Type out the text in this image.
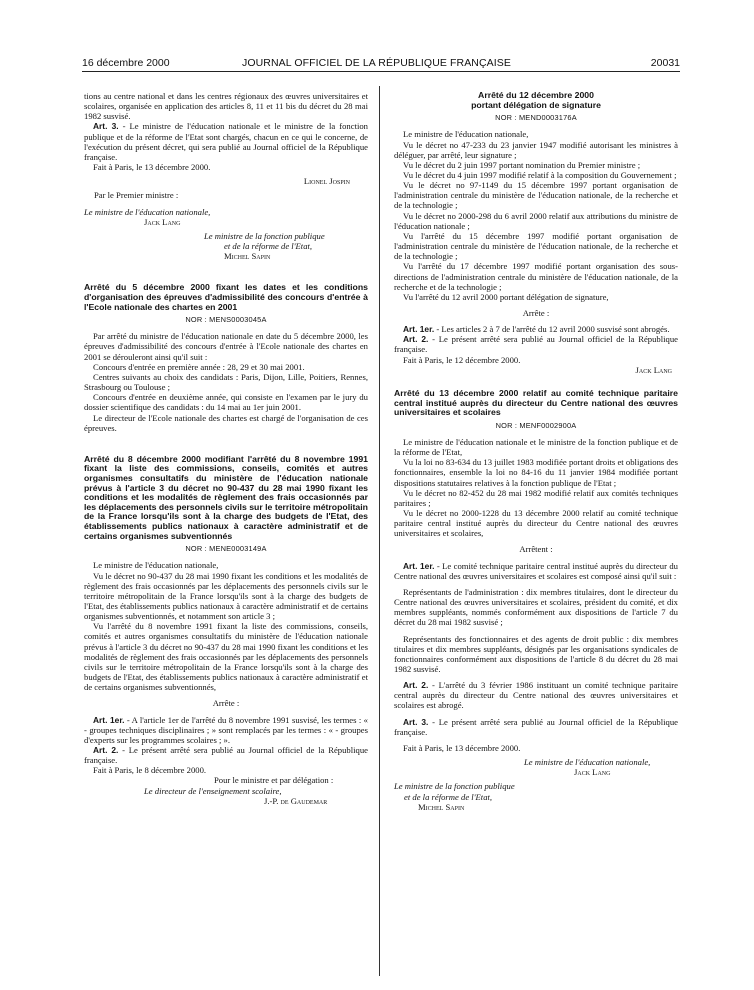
16 décembre 2000	JOURNAL OFFICIEL DE LA RÉPUBLIQUE FRANÇAISE	20031

tions au centre national et dans les centres régionaux des œuvres universitaires et scolaires, organisée en application des articles 8, 11 et 11 bis du décret du 28 mai 1982 susvisé.

Art. 3. - Le ministre de l'éducation nationale et le ministre de la fonction publique et de la réforme de l'Etat sont chargés, chacun en ce qui le concerne, de l'exécution du présent décret, qui sera publié au Journal officiel de la République française.

Fait à Paris, le 13 décembre 2000.

Lionel Jospin

Par le Premier ministre :

Le ministre de l'éducation nationale,

Jack Lang

Le ministre de la fonction publique

et de la réforme de l'Etat,

Michel Sapin

Arrêté du 5 décembre 2000 fixant les dates et les conditions d'organisation des épreuves d'admissibilité des concours d'entrée à l'Ecole nationale des chartes en 2001

NOR : MENS0003045A

Par arrêté du ministre de l'éducation nationale en date du 5 décembre 2000, les épreuves d'admissibilité des concours d'entrée à l'Ecole nationale des chartes en 2001 se dérouleront ainsi qu'il suit :

Concours d'entrée en première année : 28, 29 et 30 mai 2001.

Centres suivants au choix des candidats : Paris, Dijon, Lille, Poitiers, Rennes, Strasbourg ou Toulouse ;

Concours d'entrée en deuxième année, qui consiste en l'examen par le jury du dossier scientifique des candidats : du 14 mai au 1er juin 2001.

Le directeur de l'Ecole nationale des chartes est chargé de l'organisation de ces épreuves.

Arrêté du 8 décembre 2000 modifiant l'arrêté du 8 novembre 1991 fixant la liste des commissions, conseils, comités et autres organismes consultatifs du ministère de l'éducation nationale prévus à l'article 3 du décret no 90-437 du 28 mai 1990 fixant les conditions et les modalités de règlement des frais occasionnés par les déplacements des personnels civils sur le territoire métropolitain de la France lorsqu'ils sont à la charge des budgets de l'Etat, des établissements publics nationaux à caractère administratif et de certains organismes subventionnés

NOR : MENE0003149A

Le ministre de l'éducation nationale,

Vu le décret no 90-437 du 28 mai 1990 fixant les conditions et les modalités de règlement des frais occasionnés par les déplacements des personnels civils sur le territoire métropolitain de la France lorsqu'ils sont à la charge des budgets de l'Etat, des établissements publics nationaux à caractère administratif et de certains organismes subventionnés, et notamment son article 3 ;

Vu l'arrêté du 8 novembre 1991 fixant la liste des commissions, conseils, comités et autres organismes consultatifs du ministère de l'éducation nationale prévus à l'article 3 du décret no 90-437 du 28 mai 1990 fixant les conditions et les modalités de règlement des frais occasionnés par les déplacements des personnels civils sur le territoire métropolitain de la France lorsqu'ils sont à la charge des budgets de l'Etat, des établissements publics nationaux à caractère administratif et de certains organismes subventionnés,

Arrête :

Art. 1er. - A l'article 1er de l'arrêté du 8 novembre 1991 susvisé, les termes : « - groupes techniques disciplinaires ; » sont remplacés par les termes : « - groupes d'experts sur les programmes scolaires ; ».

Art. 2. - Le présent arrêté sera publié au Journal officiel de la République française.

Fait à Paris, le 8 décembre 2000.

Pour le ministre et par délégation :

Le directeur de l'enseignement scolaire,

J.-P. de Gaudemar

Arrêté du 12 décembre 2000

portant délégation de signature

NOR : MEND0003176A

Le ministre de l'éducation nationale,

Vu le décret no 47-233 du 23 janvier 1947 modifié autorisant les ministres à déléguer, par arrêté, leur signature ;

Vu le décret du 2 juin 1997 portant nomination du Premier ministre ;

Vu le décret du 4 juin 1997 modifié relatif à la composition du Gouvernement ;

Vu le décret no 97-1149 du 15 décembre 1997 portant organisation de l'administration centrale du ministère de l'éducation nationale, de la recherche et de la technologie ;

Vu le décret no 2000-298 du 6 avril 2000 relatif aux attributions du ministre de l'éducation nationale ;

Vu l'arrêté du 15 décembre 1997 modifié portant organisation de l'administration centrale du ministère de l'éducation nationale, de la recherche et de la technologie ;

Vu l'arrêté du 17 décembre 1997 modifié portant organisation des sous-directions de l'administration centrale du ministère de l'éducation nationale, de la recherche et de la technologie ;

Vu l'arrêté du 12 avril 2000 portant délégation de signature,

Arrête :

Art. 1er. - Les articles 2 à 7 de l'arrêté du 12 avril 2000 susvisé sont abrogés.

Art. 2. - Le présent arrêté sera publié au Journal officiel de la République française.

Fait à Paris, le 12 décembre 2000.

Jack Lang

Arrêté du 13 décembre 2000 relatif au comité technique paritaire central institué auprès du directeur du Centre national des œuvres universitaires et scolaires

NOR : MENF0002900A

Le ministre de l'éducation nationale et le ministre de la fonction publique et de la réforme de l'Etat,

Vu la loi no 83-634 du 13 juillet 1983 modifiée portant droits et obligations des fonctionnaires, ensemble la loi no 84-16 du 11 janvier 1984 modifiée portant dispositions statutaires relatives à la fonction publique de l'Etat ;

Vu le décret no 82-452 du 28 mai 1982 modifié relatif aux comités techniques paritaires ;

Vu le décret no 2000-1228 du 13 décembre 2000 relatif au comité technique paritaire central institué auprès du directeur du Centre national des œuvres universitaires et scolaires,

Arrêtent :

Art. 1er. - Le comité technique paritaire central institué auprès du directeur du Centre national des œuvres universitaires et scolaires est composé ainsi qu'il suit :

Représentants de l'administration : dix membres titulaires, dont le directeur du Centre national des œuvres universitaires et scolaires, président du comité, et dix membres suppléants, nommés conformément aux dispositions de l'article 7 du décret du 28 mai 1982 susvisé ;

Représentants des fonctionnaires et des agents de droit public : dix membres titulaires et dix membres suppléants, désignés par les organisations syndicales de fonctionnaires conformément aux dispositions de l'article 8 du décret du 28 mai 1982 susvisé.

Art. 2. - L'arrêté du 3 février 1986 instituant un comité technique paritaire central auprès du directeur du Centre national des œuvres universitaires et scolaires est abrogé.

Art. 3. - Le présent arrêté sera publié au Journal officiel de la République française.

Fait à Paris, le 13 décembre 2000.

Le ministre de l'éducation nationale,

Jack Lang

Le ministre de la fonction publique

et de la réforme de l'Etat,

Michel Sapin
